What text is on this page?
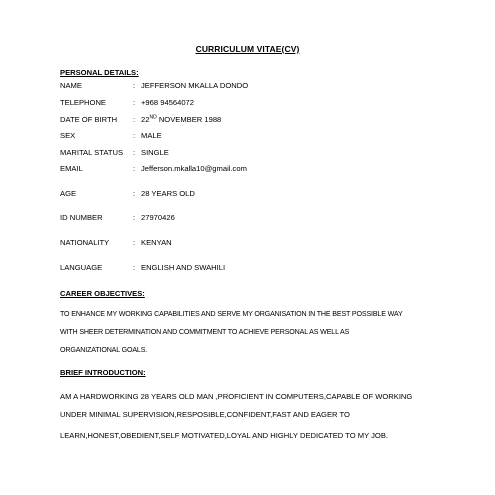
CURRICULUM VITAE(CV)
PERSONAL DETAILS:
NAME	: JEFFERSON MKALLA DONDO
TELEPHONE	: +968 94564072
DATE OF BIRTH : 22ND NOVEMBER 1988
SEX	: MALE
MARITAL STATUS : SINGLE
EMAIL	: Jefferson.mkalla10@gmail.com
AGE	: 28 YEARS OLD
ID NUMBER	: 27970426
NATIONALITY	: KENYAN
LANGUAGE	: ENGLISH AND SWAHILI
CAREER OBJECTIVES:
TO ENHANCE MY WORKING CAPABILITIES AND SERVE MY ORGANISATION IN THE BEST POSSIBLE WAY
WITH SHEER DETERMINATION AND COMMITMENT TO ACHIEVE PERSONAL AS WELL AS
ORGANIZATIONAL GOALS.
BRIEF INTRODUCTION:
AM A HARDWORKING 28 YEARS OLD MAN ,PROFICIENT IN COMPUTERS,CAPABLE OF WORKING
UNDER MINIMAL SUPERVISION,RESPOSIBLE,CONFIDENT,FAST AND EAGER TO
LEARN,HONEST,OBEDIENT,SELF MOTIVATED,LOYAL AND HIGHLY DEDICATED TO MY JOB.
